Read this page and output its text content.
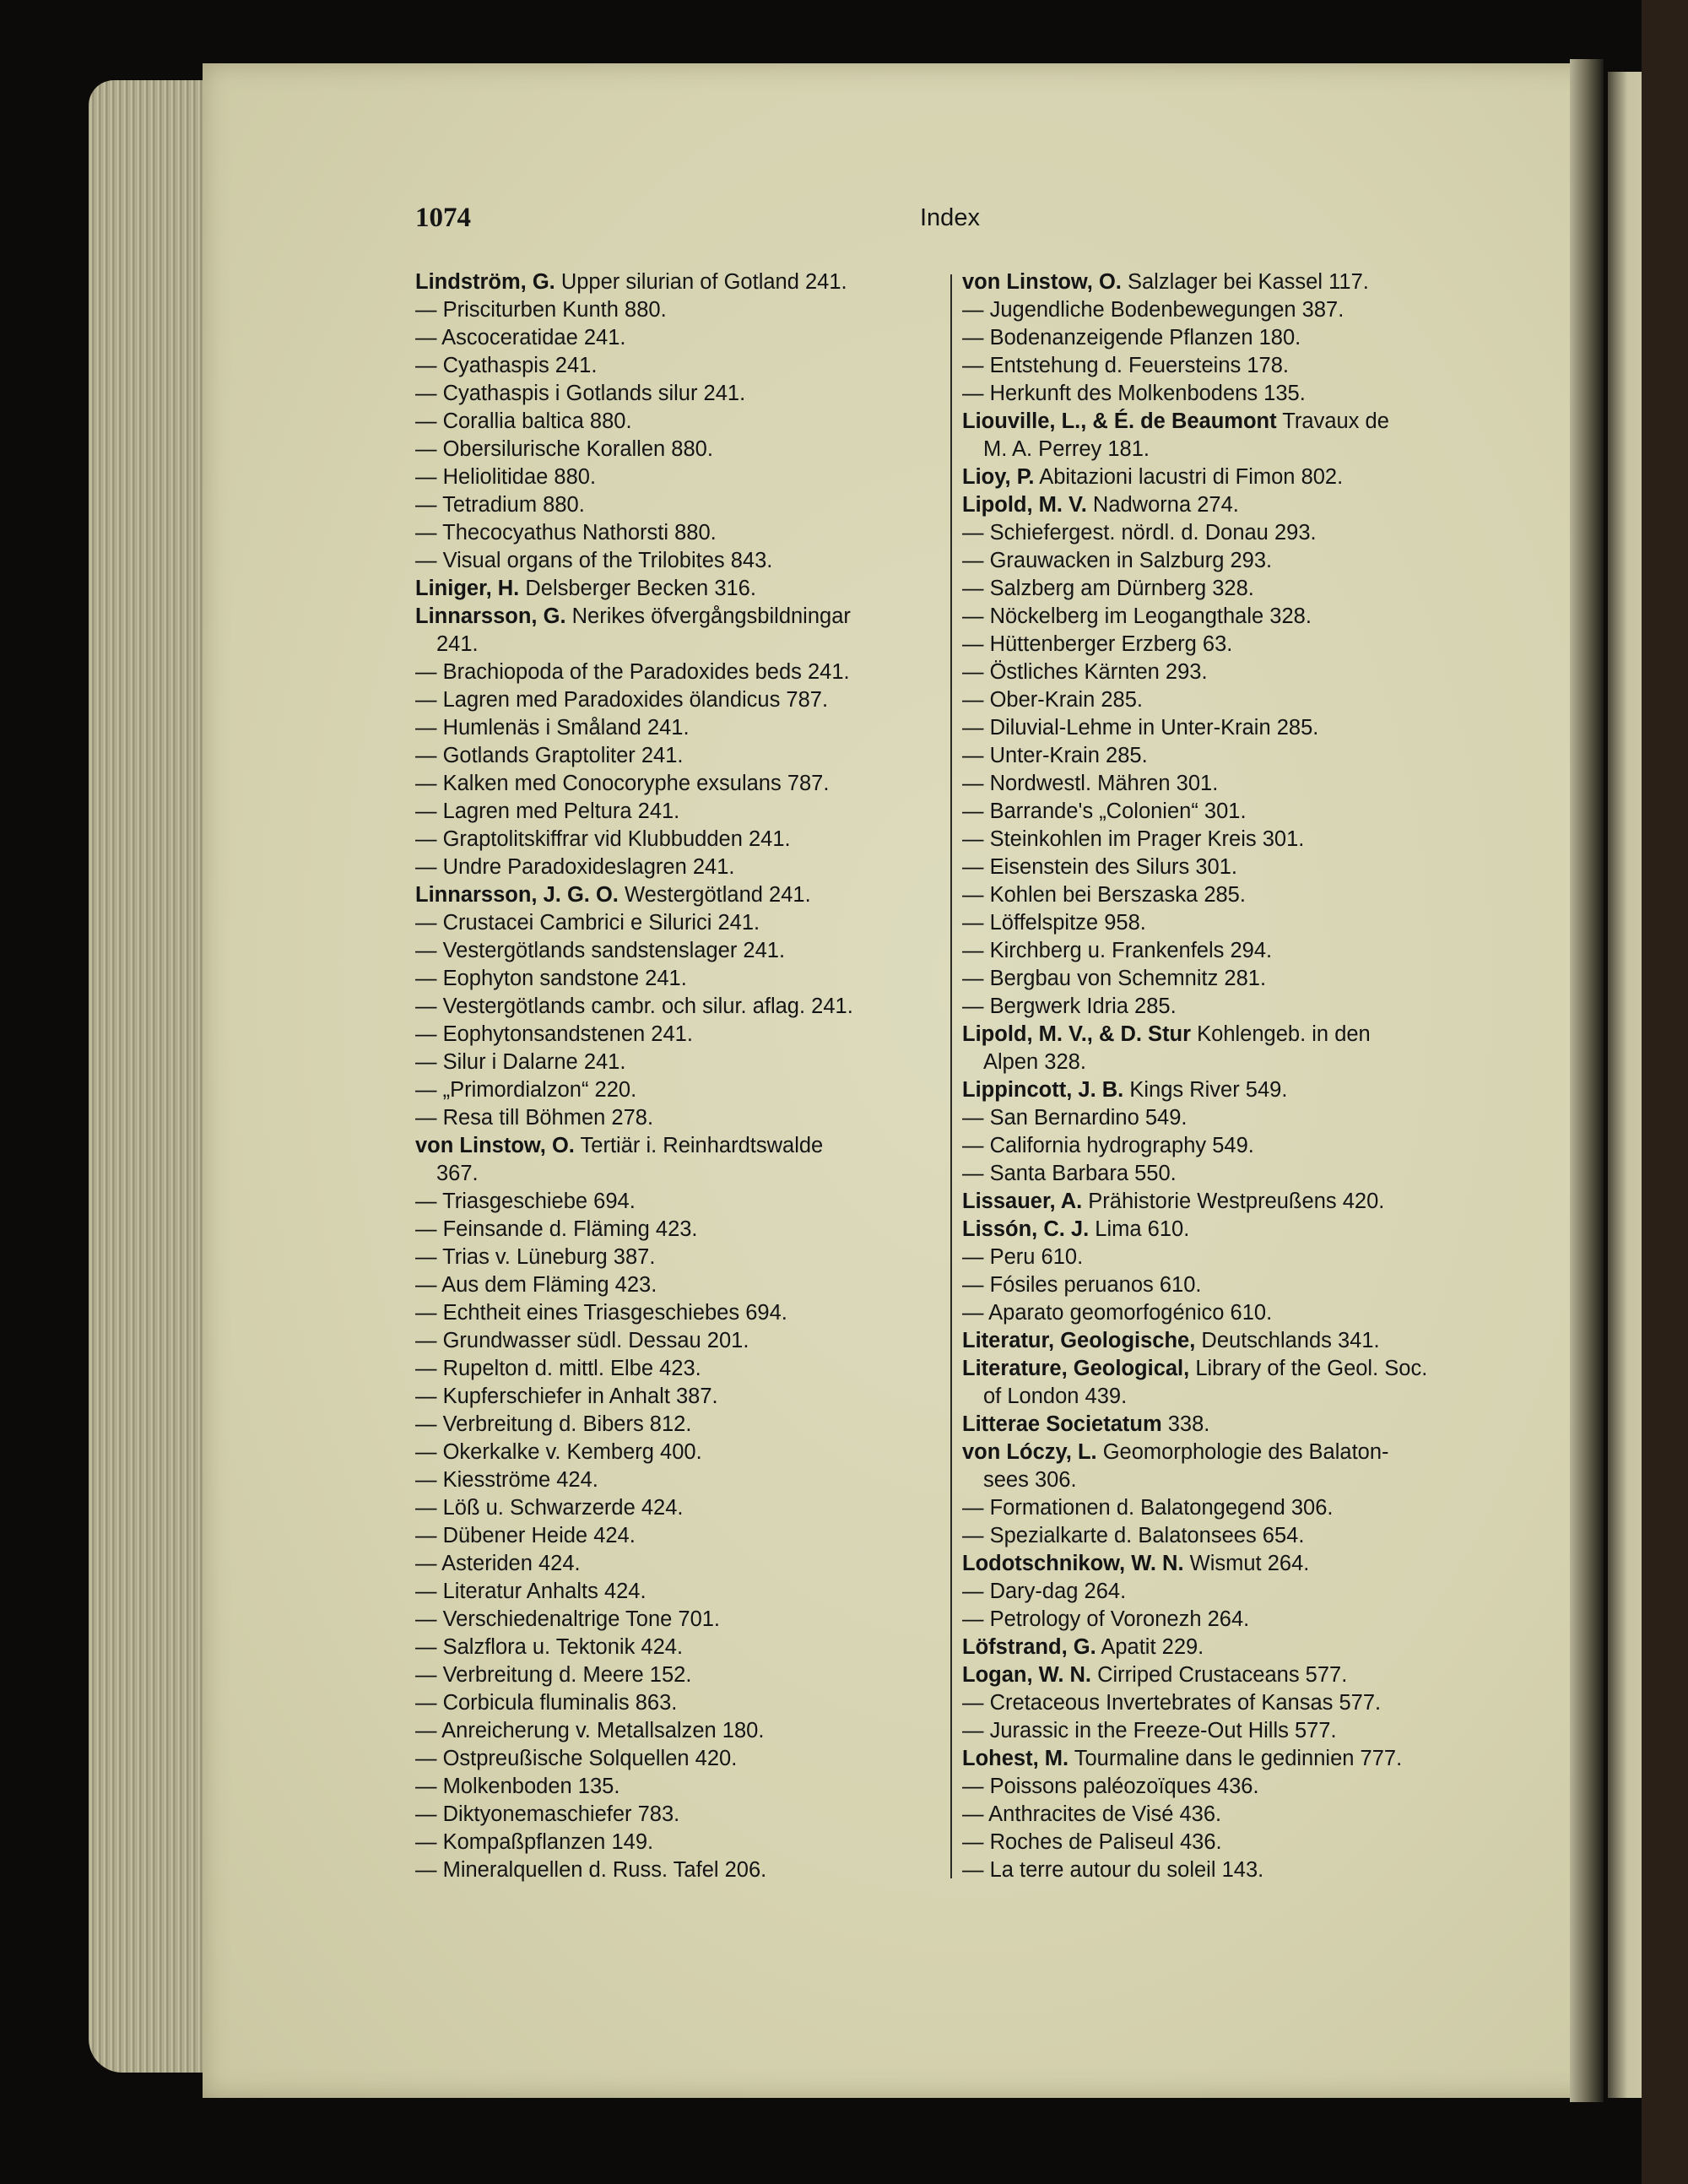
1074	Index
Lindström, G. Upper silurian of Gotland 241.
— Prisciturben Kunth 880.
— Ascoceratidae 241.
— Cyathaspis 241.
— Cyathaspis i Gotlands silur 241.
— Corallia baltica 880.
— Obersilurische Korallen 880.
— Heliolitidae 880.
— Tetradium 880.
— Thecocyathus Nathorsti 880.
— Visual organs of the Trilobites 843.
Liniger, H. Delsberger Becken 316.
Linnarsson, G. Nerikes öfvergångsbildningar
241.
— Brachiopoda of the Paradoxides beds 241.
— Lagren med Paradoxides ölandicus 787.
— Humlenäs i Småland 241.
— Gotlands Graptoliter 241.
— Kalken med Conocoryphe exsulans 787.
— Lagren med Peltura 241.
— Graptolitskiffrar vid Klubbudden 241.
— Undre Paradoxideslagren 241.
Linnarsson, J. G. O. Westergötland 241.
— Crustacei Cambrici e Silurici 241.
— Vestergötlands sandstenslager 241.
— Eophyton sandstone 241.
— Vestergötlands cambr. och silur. aflag. 241.
— Eophytonsandstenen 241.
— Silur i Dalarne 241.
— „Primordialzon“ 220.
— Resa till Böhmen 278.
von Linstow, O. Tertiär i. Reinhardtswalde
367.
— Triasgeschiebe 694.
— Feinsande d. Fläming 423.
— Trias v. Lüneburg 387.
— Aus dem Fläming 423.
— Echtheit eines Triasgeschiebes 694.
— Grundwasser südl. Dessau 201.
— Rupelton d. mittl. Elbe 423.
— Kupferschiefer in Anhalt 387.
— Verbreitung d. Bibers 812.
— Okerkalke v. Kemberg 400.
— Kiesströme 424.
— Löß u. Schwarzerde 424.
— Dübener Heide 424.
— Asteriden 424.
— Literatur Anhalts 424.
— Verschiedenaltrige Tone 701.
— Salzflora u. Tektonik 424.
— Verbreitung d. Meere 152.
— Corbicula fluminalis 863.
— Anreicherung v. Metallsalzen 180.
— Ostpreußische Solquellen 420.
— Molkenboden 135.
— Diktyonemaschiefer 783.
— Kompaßpflanzen 149.
— Mineralquellen d. Russ. Tafel 206.
von Linstow, O. Salzlager bei Kassel 117.
— Jugendliche Bodenbewegungen 387.
— Bodenanzeigende Pflanzen 180.
— Entstehung d. Feuersteins 178.
— Herkunft des Molkenbodens 135.
Liouville, L., & É. de Beaumont Travaux de
M. A. Perrey 181.
Lioy, P. Abitazioni lacustri di Fimon 802.
Lipold, M. V. Nadworna 274.
— Schiefergest. nördl. d. Donau 293.
— Grauwacken in Salzburg 293.
— Salzberg am Dürnberg 328.
— Nöckelberg im Leogangthale 328.
— Hüttenberger Erzberg 63.
— Östliches Kärnten 293.
— Ober-Krain 285.
— Diluvial-Lehme in Unter-Krain 285.
— Unter-Krain 285.
— Nordwestl. Mähren 301.
— Barrande's „Colonien“ 301.
— Steinkohlen im Prager Kreis 301.
— Eisenstein des Silurs 301.
— Kohlen bei Berszaska 285.
— Löffelspitze 958.
— Kirchberg u. Frankenfels 294.
— Bergbau von Schemnitz 281.
— Bergwerk Idria 285.
Lipold, M. V., & D. Stur Kohlengeb. in den
Alpen 328.
Lippincott, J. B. Kings River 549.
— San Bernardino 549.
— California hydrography 549.
— Santa Barbara 550.
Lissauer, A. Prähistorie Westpreußens 420.
Lissón, C. J. Lima 610.
— Peru 610.
— Fósiles peruanos 610.
— Aparato geomorfogénico 610.
Literatur, Geologische, Deutschlands 341.
Literature, Geological, Library of the Geol. Soc.
of London 439.
Litterae Societatum 338.
von Lóczy, L. Geomorphologie des Balaton-
sees 306.
— Formationen d. Balatongegend 306.
— Spezialkarte d. Balatonsees 654.
Lodotschnikow, W. N. Wismut 264.
— Dary-dag 264.
— Petrology of Voronezh 264.
Löfstrand, G. Apatit 229.
Logan, W. N. Cirriped Crustaceans 577.
— Cretaceous Invertebrates of Kansas 577.
— Jurassic in the Freeze-Out Hills 577.
Lohest, M. Tourmaline dans le gedinnien 777.
— Poissons paléozoïques 436.
— Anthracites de Visé 436.
— Roches de Paliseul 436.
— La terre autour du soleil 143.
